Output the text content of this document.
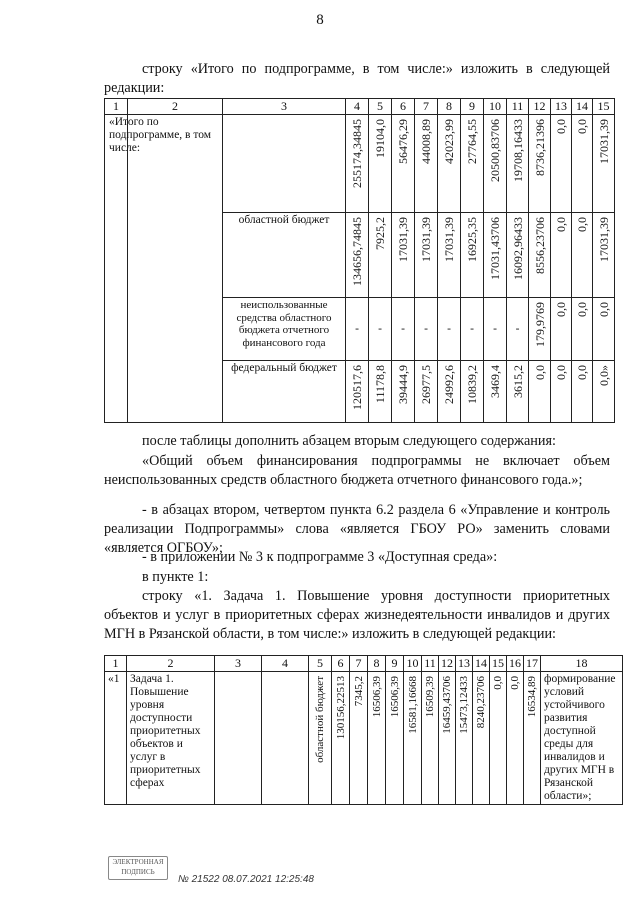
8
строку «Итого по подпрограмме, в том числе:» изложить в следующей редакции:
1	2	3	4	5	6	7	8	9	10	11	12	13	14	15

	«Итого по подпрограмме, в том числе:		255174,34845	19104,0	56476,29	44008,89	42023,99	27764,55	20500,83706	19708,16433	8736,21396	0,0	0,0	17031,39

		областной бюджет	134656,74845	7925,2	17031,39	17031,39	17031,39	16925,35	17031,43706	16092,96433	8556,23706	0,0	0,0	17031,39

		неиспользованные средства областного бюджета отчетного финансового года	-	-	-	-	-	-	-	-	179,9769	0,0	0,0	0,0

		федеральный бюджет	120517,6	11178,8	39444,9	26977,5	24992,6	10839,2	3469,4	3615,2	0,0	0,0	0,0	0,0»
после таблицы дополнить абзацем вторым следующего содержания:
«Общий объем финансирования подпрограммы не включает объем неиспользованных средств областного бюджета отчетного финансового года.»;
- в абзацах втором, четвертом пункта 6.2 раздела 6 «Управление и контроль реализации Подпрограммы» слова «является ГБОУ РО» заменить словами «является ОГБОУ»;
- в приложении № 3 к подпрограмме 3 «Доступная среда»:
в пункте 1:
строку «1. Задача 1. Повышение уровня доступности приоритетных объектов и услуг в приоритетных сферах жизнедеятельности инвалидов и других МГН в Рязанской области, в том числе:» изложить в следующей редакции:
1	2	3	4	5	6	7	8	9	10	11	12	13	14	15	16	17	18

«1	Задача 1. Повышение уровня доступности приоритетных объектов и услуг в приоритетных сферах			областной бюджет	130156,22513	7345,2	16506,39	16506,39	16581,16668	16509,39	16459,43706	15473,12433	8240,23706	0,0	0,0	16534,89	формирование условий устойчивого развития доступной среды для инвалидов и других МГН в Рязанской области»;
ЭЛЕКТРОННАЯ ПОДПИСЬ
№ 21522 08.07.2021 12:25:48
